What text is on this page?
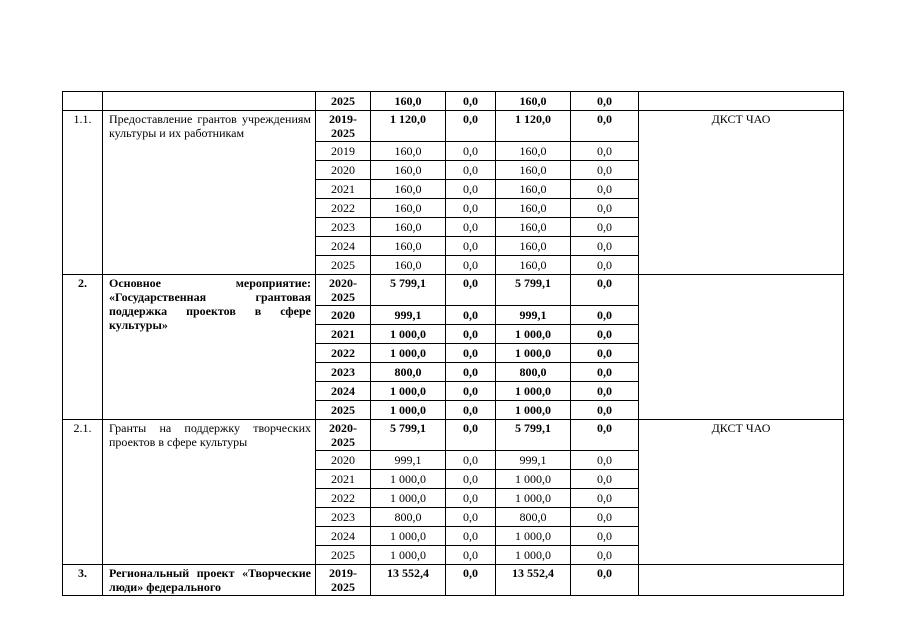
		2025	160,0	0,0	160,0	0,0	
1.1.	Предоставление грантов учреждениям культуры и их работникам	2019-2025	1 120,0	0,0	1 120,0	0,0	ДКСТ ЧАО
		2019	160,0	0,0	160,0	0,0	
		2020	160,0	0,0	160,0	0,0	
		2021	160,0	0,0	160,0	0,0	
		2022	160,0	0,0	160,0	0,0	
		2023	160,0	0,0	160,0	0,0	
		2024	160,0	0,0	160,0	0,0	
		2025	160,0	0,0	160,0	0,0	
2.	Основное мероприятие: «Государственная грантовая поддержка проектов в сфере культуры»	2020-2025	5 799,1	0,0	5 799,1	0,0	
		2020	999,1	0,0	999,1	0,0	
		2021	1 000,0	0,0	1 000,0	0,0	
		2022	1 000,0	0,0	1 000,0	0,0	
		2023	800,0	0,0	800,0	0,0	
		2024	1 000,0	0,0	1 000,0	0,0	
		2025	1 000,0	0,0	1 000,0	0,0	
2.1.	Гранты на поддержку творческих проектов в сфере культуры	2020-2025	5 799,1	0,0	5 799,1	0,0	ДКСТ ЧАО
		2020	999,1	0,0	999,1	0,0	
		2021	1 000,0	0,0	1 000,0	0,0	
		2022	1 000,0	0,0	1 000,0	0,0	
		2023	800,0	0,0	800,0	0,0	
		2024	1 000,0	0,0	1 000,0	0,0	
		2025	1 000,0	0,0	1 000,0	0,0	
3.	Региональный проект «Творческие люди» федерального	2019-2025	13 552,4	0,0	13 552,4	0,0	
